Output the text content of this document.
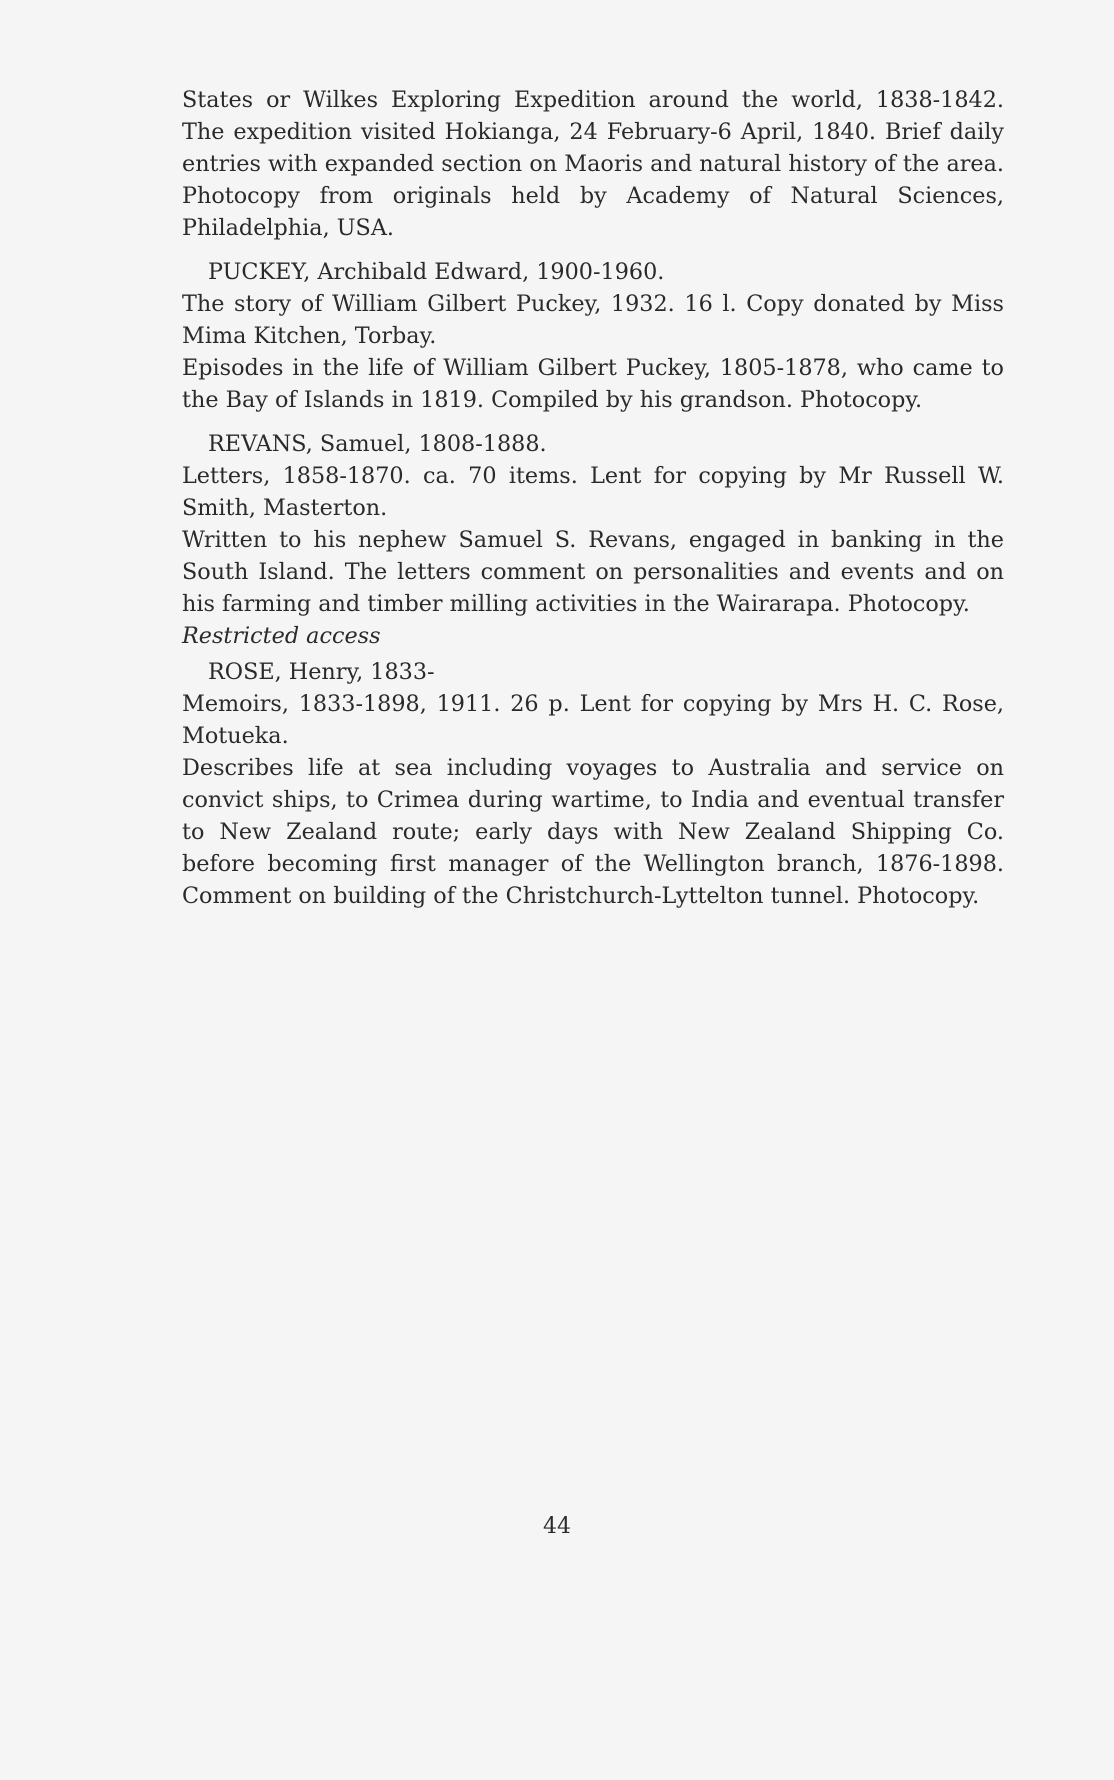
States or Wilkes Exploring Expedition around the world, 1838-1842. The expedition visited Hokianga, 24 February-6 April, 1840. Brief daily entries with expanded section on Maoris and natural history of the area. Photocopy from originals held by Academy of Natural Sciences, Philadelphia, USA.

PUCKEY, Archibald Edward, 1900-1960.

The story of William Gilbert Puckey, 1932. 16 l. Copy donated by Miss Mima Kitchen, Torbay.

Episodes in the life of William Gilbert Puckey, 1805-1878, who came to the Bay of Islands in 1819. Compiled by his grandson. Photocopy.

REVANS, Samuel, 1808-1888.

Letters, 1858-1870. ca. 70 items. Lent for copying by Mr Russell W. Smith, Masterton.

Written to his nephew Samuel S. Revans, engaged in banking in the South Island. The letters comment on personalities and events and on his farming and timber milling activities in the Wairarapa. Photocopy.

Restricted access

ROSE, Henry, 1833-

Memoirs, 1833-1898, 1911. 26 p. Lent for copying by Mrs H. C. Rose, Motueka.

Describes life at sea including voyages to Australia and service on convict ships, to Crimea during wartime, to India and eventual transfer to New Zealand route; early days with New Zealand Shipping Co. before becoming first manager of the Wellington branch, 1876-1898. Comment on building of the Christchurch-Lyttelton tunnel. Photocopy.

44
